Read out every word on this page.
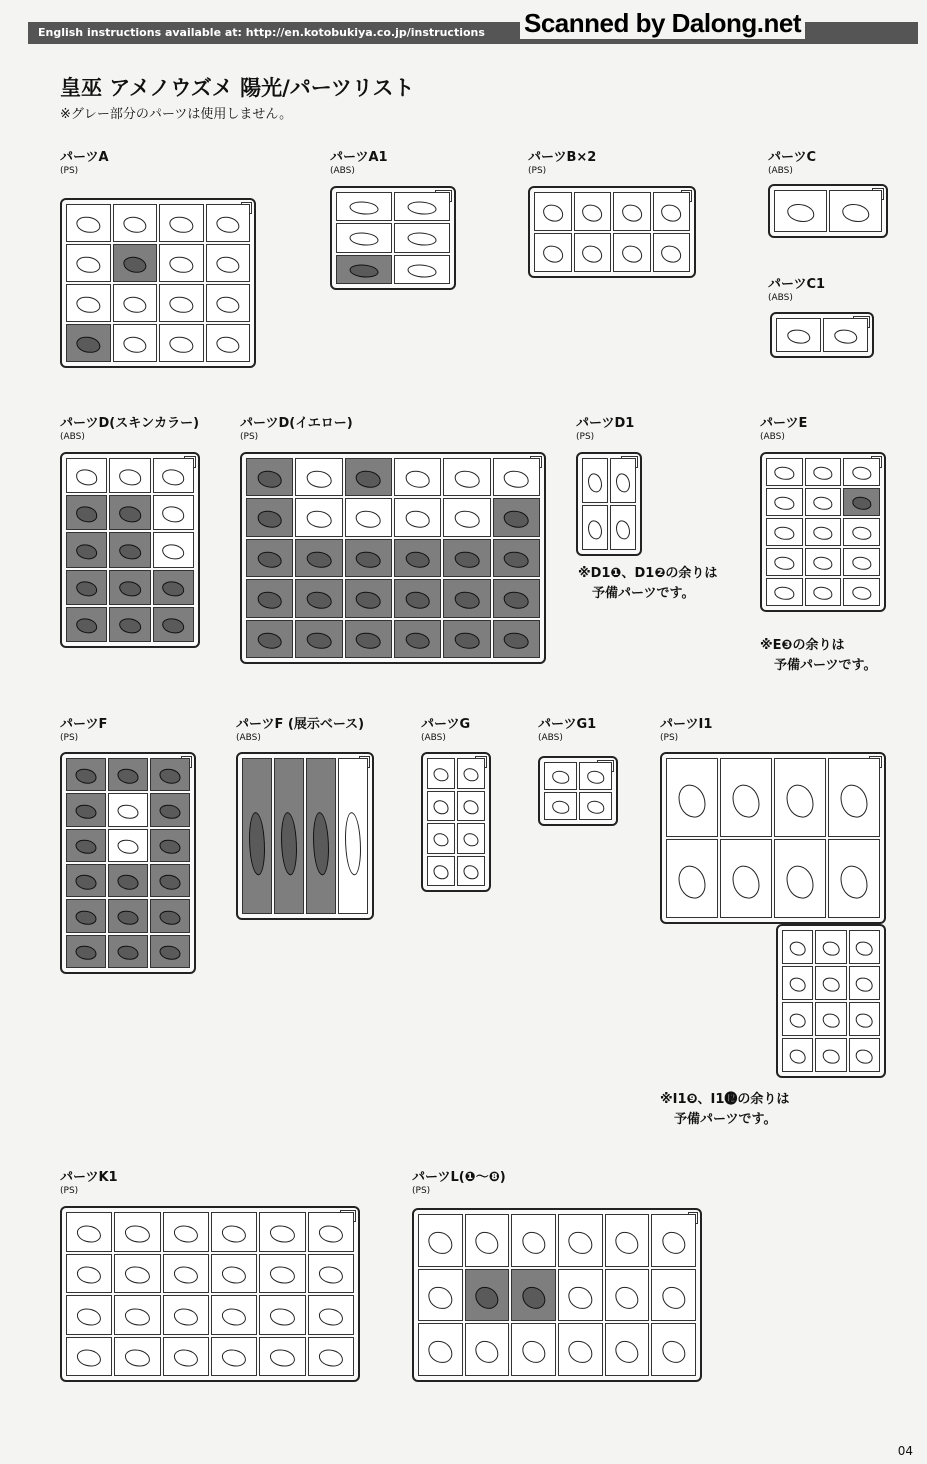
English instructions available at: http://en.kotobukiya.co.jp/instructions	Scanned by Dalong.net
皇巫 アメノウズメ 陽光/パーツリスト
※グレー部分のパーツは使用しません。
パーツA
(PS)
パーツA1
(ABS)
パーツB×2
(PS)
パーツC
(ABS)
パーツC1
(ABS)
パーツD(スキンカラー)
(ABS)
パーツD(イエロー)
(PS)
パーツD1
(PS)
パーツE
(ABS)
パーツF
(PS)
パーツF (展示ベース)
(ABS)
パーツG
(ABS)
パーツG1
(ABS)
パーツI1
(PS)
パーツK1
(PS)
パーツL(❶〜❽)
(PS)
※D1❶、D1❷の余りは
予備パーツです。
※E❸の余りは
予備パーツです。
※I1❾、I1⓬の余りは
予備パーツです。
04
